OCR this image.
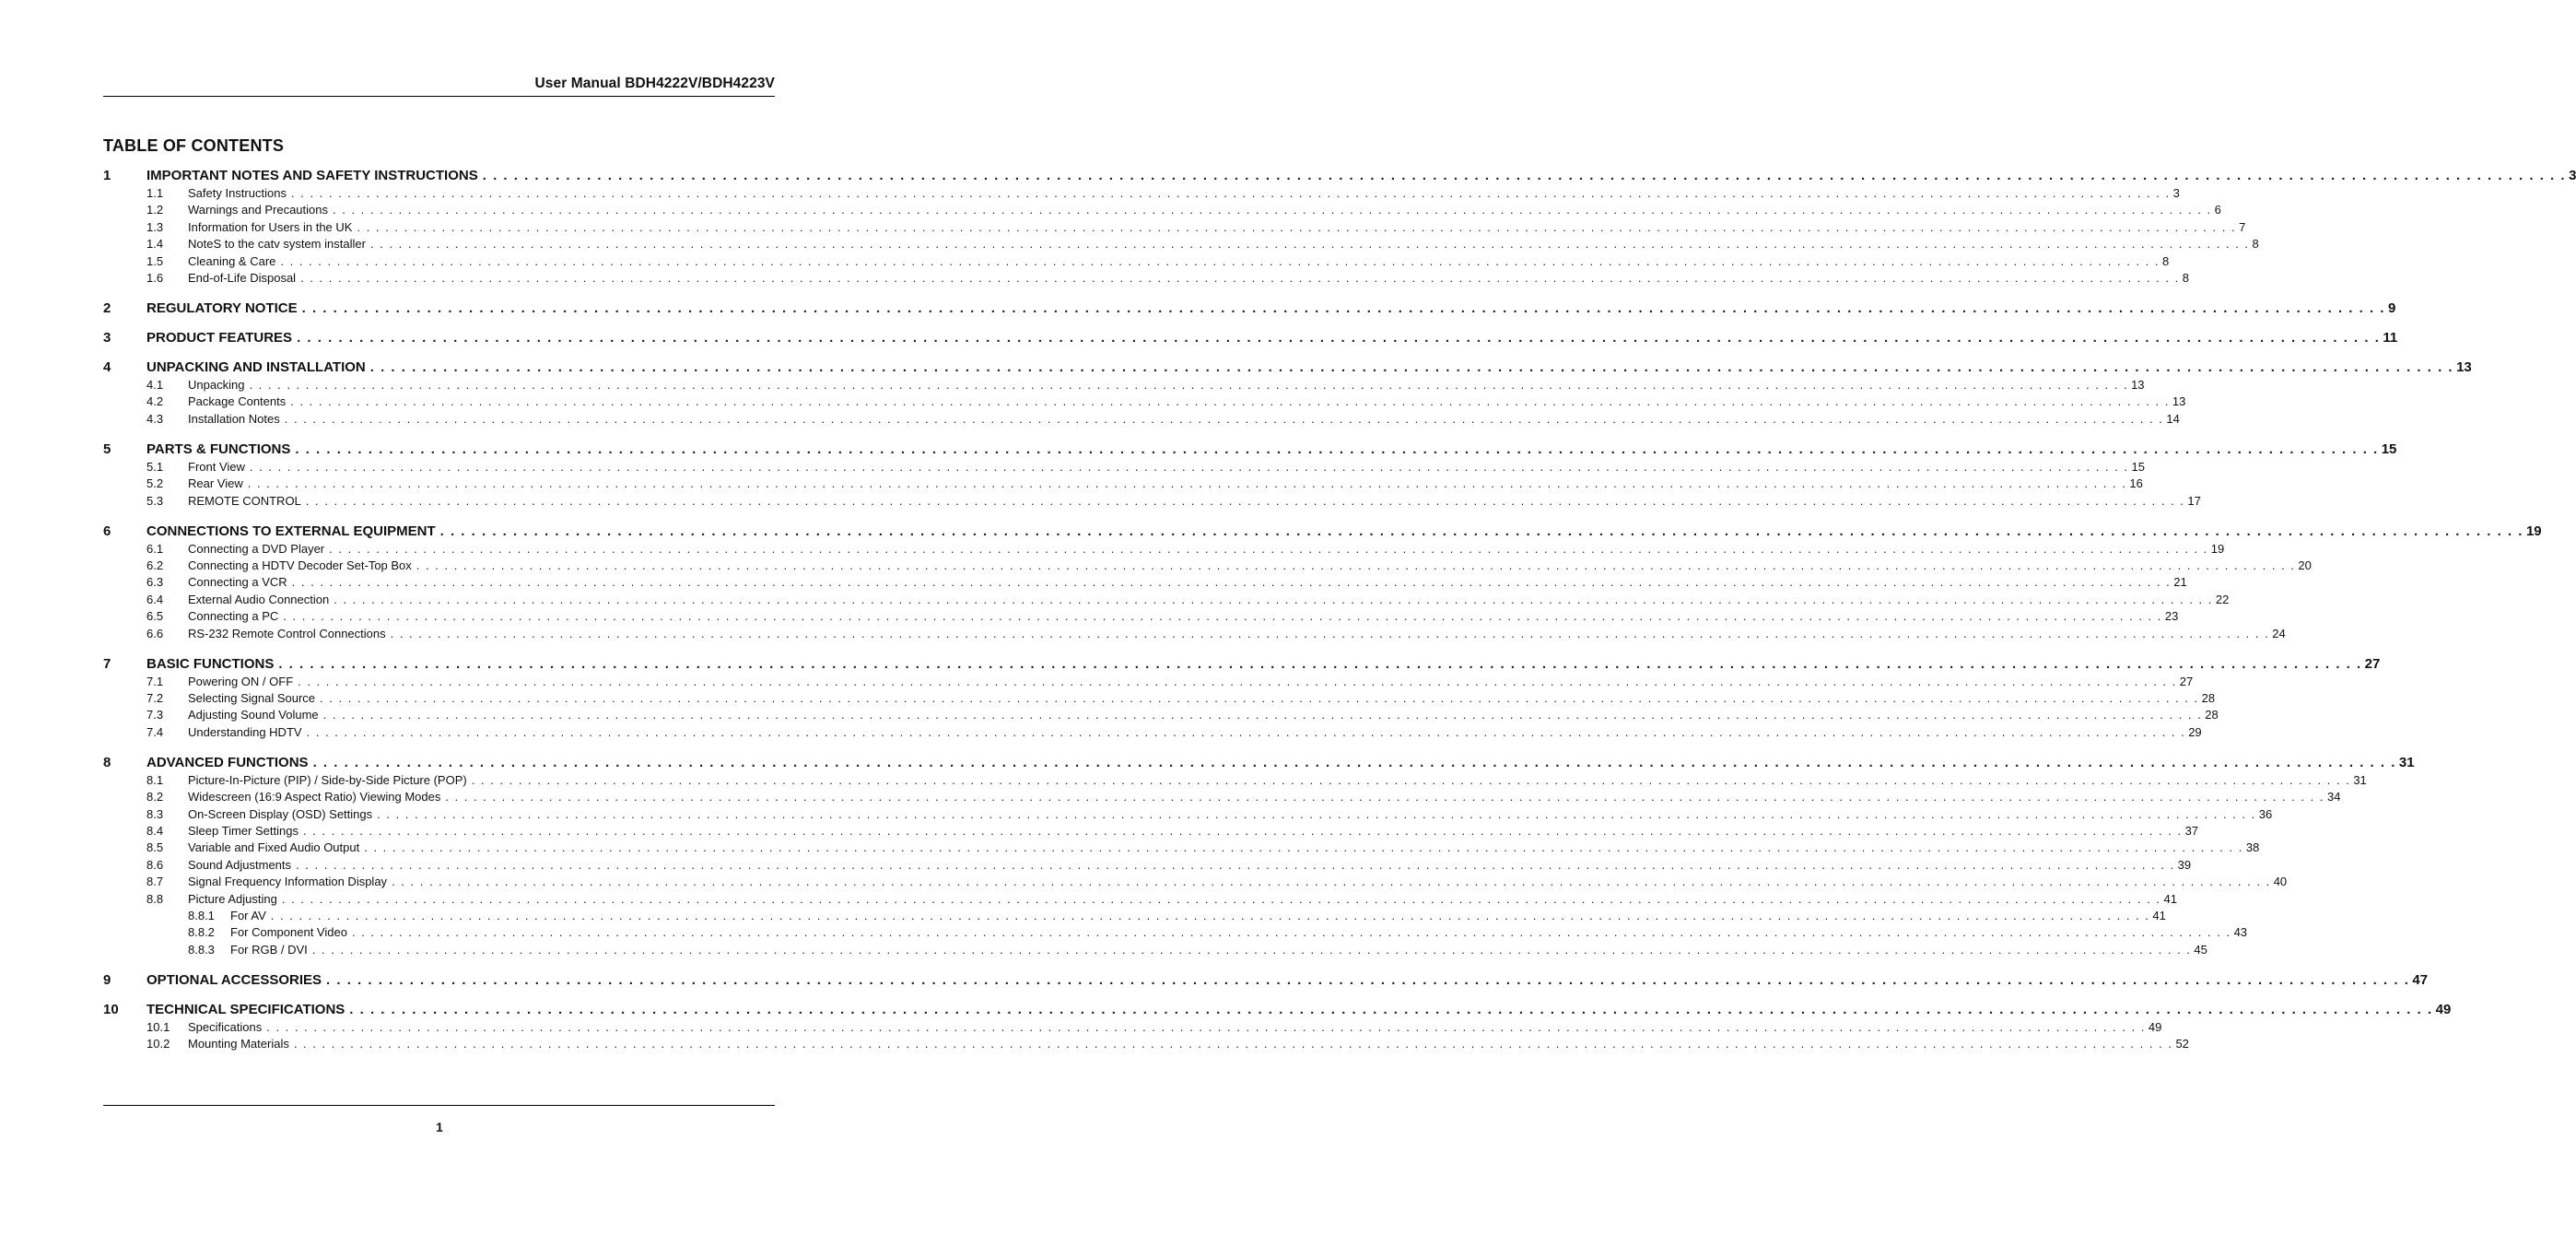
User Manual BDH4222V/BDH4223V
TABLE OF CONTENTS
1	IMPORTANT NOTES AND SAFETY INSTRUCTIONS . . . . . . . . . . . . . . . . . . . . . . . . . . . . . . . . . . . . . . . . . . . . . . . . . . . . . . . . . . . . . . . . . . . . . . . . . . . . . . . . . . . . . . . . . . . . . . . . . . . . . . . . . . . . . . . . . . . . . . . . . . . . . . . . . . . . . . . . . . . . . . . . . . . . . . . . . . . . . . . . . . . . . . . . . . . . . . . . . . . . . . . . . . . . . . . . . . . . . . . . 3
1.1	Safety Instructions . . . . . . . . . . . . . . . . . . . . . . . . . . . . . . . . . . . . . . . . . . . . . . . . . . . . . . . . . . . . . . . . . . . . . . . . . . . . . . . . . . . . . . . . . . . . . . . . . . . . . . . . . . . . . . . . . . . . . . . . . . . . . . . . . . . . . . . . . . . . . . . . . . . . . . . . . . . . . . . . . . . . . . . . . . . . . . . . . . . . . . . . . . . . . . . . . . . . . . . . 3
1.2	Warnings and Precautions . . . . . . . . . . . . . . . . . . . . . . . . . . . . . . . . . . . . . . . . . . . . . . . . . . . . . . . . . . . . . . . . . . . . . . . . . . . . . . . . . . . . . . . . . . . . . . . . . . . . . . . . . . . . . . . . . . . . . . . . . . . . . . . . . . . . . . . . . . . . . . . . . . . . . . . . . . . . . . . . . . . . . . . . . . . . . . . . . . . . . . . . . . . . . . . . . . . . . . . . 6
1.3	Information for Users in the UK . . . . . . . . . . . . . . . . . . . . . . . . . . . . . . . . . . . . . . . . . . . . . . . . . . . . . . . . . . . . . . . . . . . . . . . . . . . . . . . . . . . . . . . . . . . . . . . . . . . . . . . . . . . . . . . . . . . . . . . . . . . . . . . . . . . . . . . . . . . . . . . . . . . . . . . . . . . . . . . . . . . . . . . . . . . . . . . . . . . . . . . . . . . . . . . . . . . . . . . . 7
1.4	NoteS to the catv system installer . . . . . . . . . . . . . . . . . . . . . . . . . . . . . . . . . . . . . . . . . . . . . . . . . . . . . . . . . . . . . . . . . . . . . . . . . . . . . . . . . . . . . . . . . . . . . . . . . . . . . . . . . . . . . . . . . . . . . . . . . . . . . . . . . . . . . . . . . . . . . . . . . . . . . . . . . . . . . . . . . . . . . . . . . . . . . . . . . . . . . . . . . . . . . . . . . . . . . . . . 8
1.5	Cleaning & Care . . . . . . . . . . . . . . . . . . . . . . . . . . . . . . . . . . . . . . . . . . . . . . . . . . . . . . . . . . . . . . . . . . . . . . . . . . . . . . . . . . . . . . . . . . . . . . . . . . . . . . . . . . . . . . . . . . . . . . . . . . . . . . . . . . . . . . . . . . . . . . . . . . . . . . . . . . . . . . . . . . . . . . . . . . . . . . . . . . . . . . . . . . . . . . . . . . . . . . . . 8
1.6	End-of-Life Disposal . . . . . . . . . . . . . . . . . . . . . . . . . . . . . . . . . . . . . . . . . . . . . . . . . . . . . . . . . . . . . . . . . . . . . . . . . . . . . . . . . . . . . . . . . . . . . . . . . . . . . . . . . . . . . . . . . . . . . . . . . . . . . . . . . . . . . . . . . . . . . . . . . . . . . . . . . . . . . . . . . . . . . . . . . . . . . . . . . . . . . . . . . . . . . . . . . . . . . . . . 8
2	REGULATORY NOTICE . . . . . . . . . . . . . . . . . . . . . . . . . . . . . . . . . . . . . . . . . . . . . . . . . . . . . . . . . . . . . . . . . . . . . . . . . . . . . . . . . . . . . . . . . . . . . . . . . . . . . . . . . . . . . . . . . . . . . . . . . . . . . . . . . . . . . . . . . . . . . . . . . . . . . . . . . . . . . . . . . . . . . . . . . . . . . . . . . . . . . . . . . . . . . . . . . . . . . . . . 9
3	PRODUCT FEATURES . . . . . . . . . . . . . . . . . . . . . . . . . . . . . . . . . . . . . . . . . . . . . . . . . . . . . . . . . . . . . . . . . . . . . . . . . . . . . . . . . . . . . . . . . . . . . . . . . . . . . . . . . . . . . . . . . . . . . . . . . . . . . . . . . . . . . . . . . . . . . . . . . . . . . . . . . . . . . . . . . . . . . . . . . . . . . . . . . . . . . . . . . . . . . . . . . . . . . . . . 11
4	UNPACKING AND INSTALLATION . . . . . . . . . . . . . . . . . . . . . . . . . . . . . . . . . . . . . . . . . . . . . . . . . . . . . . . . . . . . . . . . . . . . . . . . . . . . . . . . . . . . . . . . . . . . . . . . . . . . . . . . . . . . . . . . . . . . . . . . . . . . . . . . . . . . . . . . . . . . . . . . . . . . . . . . . . . . . . . . . . . . . . . . . . . . . . . . . . . . . . . . . . . . . . . . . . . . . . . . 13
4.1	Unpacking . . . . . . . . . . . . . . . . . . . . . . . . . . . . . . . . . . . . . . . . . . . . . . . . . . . . . . . . . . . . . . . . . . . . . . . . . . . . . . . . . . . . . . . . . . . . . . . . . . . . . . . . . . . . . . . . . . . . . . . . . . . . . . . . . . . . . . . . . . . . . . . . . . . . . . . . . . . . . . . . . . . . . . . . . . . . . . . . . . . . . . . . . . . . . . . . . . . . . . . . 13
4.2	Package Contents . . . . . . . . . . . . . . . . . . . . . . . . . . . . . . . . . . . . . . . . . . . . . . . . . . . . . . . . . . . . . . . . . . . . . . . . . . . . . . . . . . . . . . . . . . . . . . . . . . . . . . . . . . . . . . . . . . . . . . . . . . . . . . . . . . . . . . . . . . . . . . . . . . . . . . . . . . . . . . . . . . . . . . . . . . . . . . . . . . . . . . . . . . . . . . . . . . . . . . . . 13
4.3	Installation Notes . . . . . . . . . . . . . . . . . . . . . . . . . . . . . . . . . . . . . . . . . . . . . . . . . . . . . . . . . . . . . . . . . . . . . . . . . . . . . . . . . . . . . . . . . . . . . . . . . . . . . . . . . . . . . . . . . . . . . . . . . . . . . . . . . . . . . . . . . . . . . . . . . . . . . . . . . . . . . . . . . . . . . . . . . . . . . . . . . . . . . . . . . . . . . . . . . . . . . . . . 14
5	PARTS & FUNCTIONS . . . . . . . . . . . . . . . . . . . . . . . . . . . . . . . . . . . . . . . . . . . . . . . . . . . . . . . . . . . . . . . . . . . . . . . . . . . . . . . . . . . . . . . . . . . . . . . . . . . . . . . . . . . . . . . . . . . . . . . . . . . . . . . . . . . . . . . . . . . . . . . . . . . . . . . . . . . . . . . . . . . . . . . . . . . . . . . . . . . . . . . . . . . . . . . . . . . . . . . . 15
5.1	Front View . . . . . . . . . . . . . . . . . . . . . . . . . . . . . . . . . . . . . . . . . . . . . . . . . . . . . . . . . . . . . . . . . . . . . . . . . . . . . . . . . . . . . . . . . . . . . . . . . . . . . . . . . . . . . . . . . . . . . . . . . . . . . . . . . . . . . . . . . . . . . . . . . . . . . . . . . . . . . . . . . . . . . . . . . . . . . . . . . . . . . . . . . . . . . . . . . . . . . . . . 15
5.2	Rear View . . . . . . . . . . . . . . . . . . . . . . . . . . . . . . . . . . . . . . . . . . . . . . . . . . . . . . . . . . . . . . . . . . . . . . . . . . . . . . . . . . . . . . . . . . . . . . . . . . . . . . . . . . . . . . . . . . . . . . . . . . . . . . . . . . . . . . . . . . . . . . . . . . . . . . . . . . . . . . . . . . . . . . . . . . . . . . . . . . . . . . . . . . . . . . . . . . . . . . . . 16
5.3	REMOTE CONTROL . . . . . . . . . . . . . . . . . . . . . . . . . . . . . . . . . . . . . . . . . . . . . . . . . . . . . . . . . . . . . . . . . . . . . . . . . . . . . . . . . . . . . . . . . . . . . . . . . . . . . . . . . . . . . . . . . . . . . . . . . . . . . . . . . . . . . . . . . . . . . . . . . . . . . . . . . . . . . . . . . . . . . . . . . . . . . . . . . . . . . . . . . . . . . . . . . . . . . . . . 17
6	CONNECTIONS TO EXTERNAL EQUIPMENT . . . . . . . . . . . . . . . . . . . . . . . . . . . . . . . . . . . . . . . . . . . . . . . . . . . . . . . . . . . . . . . . . . . . . . . . . . . . . . . . . . . . . . . . . . . . . . . . . . . . . . . . . . . . . . . . . . . . . . . . . . . . . . . . . . . . . . . . . . . . . . . . . . . . . . . . . . . . . . . . . . . . . . . . . . . . . . . . . . . . . . . . . . . . . . . . . . . . . . . . 19
6.1	Connecting a DVD Player . . . . . . . . . . . . . . . . . . . . . . . . . . . . . . . . . . . . . . . . . . . . . . . . . . . . . . . . . . . . . . . . . . . . . . . . . . . . . . . . . . . . . . . . . . . . . . . . . . . . . . . . . . . . . . . . . . . . . . . . . . . . . . . . . . . . . . . . . . . . . . . . . . . . . . . . . . . . . . . . . . . . . . . . . . . . . . . . . . . . . . . . . . . . . . . . . . . . . . . . 19
6.2	Connecting a HDTV Decoder Set-Top Box . . . . . . . . . . . . . . . . . . . . . . . . . . . . . . . . . . . . . . . . . . . . . . . . . . . . . . . . . . . . . . . . . . . . . . . . . . . . . . . . . . . . . . . . . . . . . . . . . . . . . . . . . . . . . . . . . . . . . . . . . . . . . . . . . . . . . . . . . . . . . . . . . . . . . . . . . . . . . . . . . . . . . . . . . . . . . . . . . . . . . . . . . . . . . . . . . . . . . . . . 20
6.3	Connecting a VCR . . . . . . . . . . . . . . . . . . . . . . . . . . . . . . . . . . . . . . . . . . . . . . . . . . . . . . . . . . . . . . . . . . . . . . . . . . . . . . . . . . . . . . . . . . . . . . . . . . . . . . . . . . . . . . . . . . . . . . . . . . . . . . . . . . . . . . . . . . . . . . . . . . . . . . . . . . . . . . . . . . . . . . . . . . . . . . . . . . . . . . . . . . . . . . . . . . . . . . . . 21
6.4	External Audio Connection . . . . . . . . . . . . . . . . . . . . . . . . . . . . . . . . . . . . . . . . . . . . . . . . . . . . . . . . . . . . . . . . . . . . . . . . . . . . . . . . . . . . . . . . . . . . . . . . . . . . . . . . . . . . . . . . . . . . . . . . . . . . . . . . . . . . . . . . . . . . . . . . . . . . . . . . . . . . . . . . . . . . . . . . . . . . . . . . . . . . . . . . . . . . . . . . . . . . . . . . 22
6.5	Connecting a PC . . . . . . . . . . . . . . . . . . . . . . . . . . . . . . . . . . . . . . . . . . . . . . . . . . . . . . . . . . . . . . . . . . . . . . . . . . . . . . . . . . . . . . . . . . . . . . . . . . . . . . . . . . . . . . . . . . . . . . . . . . . . . . . . . . . . . . . . . . . . . . . . . . . . . . . . . . . . . . . . . . . . . . . . . . . . . . . . . . . . . . . . . . . . . . . . . . . . . . . . 23
6.6	RS-232 Remote Control Connections . . . . . . . . . . . . . . . . . . . . . . . . . . . . . . . . . . . . . . . . . . . . . . . . . . . . . . . . . . . . . . . . . . . . . . . . . . . . . . . . . . . . . . . . . . . . . . . . . . . . . . . . . . . . . . . . . . . . . . . . . . . . . . . . . . . . . . . . . . . . . . . . . . . . . . . . . . . . . . . . . . . . . . . . . . . . . . . . . . . . . . . . . . . . . . . . . . . . . . . . 24
7	BASIC FUNCTIONS . . . . . . . . . . . . . . . . . . . . . . . . . . . . . . . . . . . . . . . . . . . . . . . . . . . . . . . . . . . . . . . . . . . . . . . . . . . . . . . . . . . . . . . . . . . . . . . . . . . . . . . . . . . . . . . . . . . . . . . . . . . . . . . . . . . . . . . . . . . . . . . . . . . . . . . . . . . . . . . . . . . . . . . . . . . . . . . . . . . . . . . . . . . . . . . . . . . . . . . . 27
7.1	Powering ON / OFF . . . . . . . . . . . . . . . . . . . . . . . . . . . . . . . . . . . . . . . . . . . . . . . . . . . . . . . . . . . . . . . . . . . . . . . . . . . . . . . . . . . . . . . . . . . . . . . . . . . . . . . . . . . . . . . . . . . . . . . . . . . . . . . . . . . . . . . . . . . . . . . . . . . . . . . . . . . . . . . . . . . . . . . . . . . . . . . . . . . . . . . . . . . . . . . . . . . . . . . . 27
7.2	Selecting Signal Source . . . . . . . . . . . . . . . . . . . . . . . . . . . . . . . . . . . . . . . . . . . . . . . . . . . . . . . . . . . . . . . . . . . . . . . . . . . . . . . . . . . . . . . . . . . . . . . . . . . . . . . . . . . . . . . . . . . . . . . . . . . . . . . . . . . . . . . . . . . . . . . . . . . . . . . . . . . . . . . . . . . . . . . . . . . . . . . . . . . . . . . . . . . . . . . . . . . . . . . . 28
7.3	Adjusting Sound Volume . . . . . . . . . . . . . . . . . . . . . . . . . . . . . . . . . . . . . . . . . . . . . . . . . . . . . . . . . . . . . . . . . . . . . . . . . . . . . . . . . . . . . . . . . . . . . . . . . . . . . . . . . . . . . . . . . . . . . . . . . . . . . . . . . . . . . . . . . . . . . . . . . . . . . . . . . . . . . . . . . . . . . . . . . . . . . . . . . . . . . . . . . . . . . . . . . . . . . . . . 28
7.4	Understanding HDTV . . . . . . . . . . . . . . . . . . . . . . . . . . . . . . . . . . . . . . . . . . . . . . . . . . . . . . . . . . . . . . . . . . . . . . . . . . . . . . . . . . . . . . . . . . . . . . . . . . . . . . . . . . . . . . . . . . . . . . . . . . . . . . . . . . . . . . . . . . . . . . . . . . . . . . . . . . . . . . . . . . . . . . . . . . . . . . . . . . . . . . . . . . . . . . . . . . . . . . . . 29
8	ADVANCED FUNCTIONS . . . . . . . . . . . . . . . . . . . . . . . . . . . . . . . . . . . . . . . . . . . . . . . . . . . . . . . . . . . . . . . . . . . . . . . . . . . . . . . . . . . . . . . . . . . . . . . . . . . . . . . . . . . . . . . . . . . . . . . . . . . . . . . . . . . . . . . . . . . . . . . . . . . . . . . . . . . . . . . . . . . . . . . . . . . . . . . . . . . . . . . . . . . . . . . . . . . . . . . . 31
8.1	Picture-In-Picture (PIP) / Side-by-Side Picture (POP) . . . . . . . . . . . . . . . . . . . . . . . . . . . . . . . . . . . . . . . . . . . . . . . . . . . . . . . . . . . . . . . . . . . . . . . . . . . . . . . . . . . . . . . . . . . . . . . . . . . . . . . . . . . . . . . . . . . . . . . . . . . . . . . . . . . . . . . . . . . . . . . . . . . . . . . . . . . . . . . . . . . . . . . . . . . . . . . . . . . . . . . . . . . . . . . . . . . . . . . . 31
8.2	Widescreen (16:9 Aspect Ratio) Viewing Modes . . . . . . . . . . . . . . . . . . . . . . . . . . . . . . . . . . . . . . . . . . . . . . . . . . . . . . . . . . . . . . . . . . . . . . . . . . . . . . . . . . . . . . . . . . . . . . . . . . . . . . . . . . . . . . . . . . . . . . . . . . . . . . . . . . . . . . . . . . . . . . . . . . . . . . . . . . . . . . . . . . . . . . . . . . . . . . . . . . . . . . . . . . . . . . . . . . . . . . . . 34
8.3	On-Screen Display (OSD) Settings . . . . . . . . . . . . . . . . . . . . . . . . . . . . . . . . . . . . . . . . . . . . . . . . . . . . . . . . . . . . . . . . . . . . . . . . . . . . . . . . . . . . . . . . . . . . . . . . . . . . . . . . . . . . . . . . . . . . . . . . . . . . . . . . . . . . . . . . . . . . . . . . . . . . . . . . . . . . . . . . . . . . . . . . . . . . . . . . . . . . . . . . . . . . . . . . . . . . . . . . 36
8.4	Sleep Timer Settings . . . . . . . . . . . . . . . . . . . . . . . . . . . . . . . . . . . . . . . . . . . . . . . . . . . . . . . . . . . . . . . . . . . . . . . . . . . . . . . . . . . . . . . . . . . . . . . . . . . . . . . . . . . . . . . . . . . . . . . . . . . . . . . . . . . . . . . . . . . . . . . . . . . . . . . . . . . . . . . . . . . . . . . . . . . . . . . . . . . . . . . . . . . . . . . . . . . . . . . . 37
8.5	Variable and Fixed Audio Output . . . . . . . . . . . . . . . . . . . . . . . . . . . . . . . . . . . . . . . . . . . . . . . . . . . . . . . . . . . . . . . . . . . . . . . . . . . . . . . . . . . . . . . . . . . . . . . . . . . . . . . . . . . . . . . . . . . . . . . . . . . . . . . . . . . . . . . . . . . . . . . . . . . . . . . . . . . . . . . . . . . . . . . . . . . . . . . . . . . . . . . . . . . . . . . . . . . . . . . . 38
8.6	Sound Adjustments . . . . . . . . . . . . . . . . . . . . . . . . . . . . . . . . . . . . . . . . . . . . . . . . . . . . . . . . . . . . . . . . . . . . . . . . . . . . . . . . . . . . . . . . . . . . . . . . . . . . . . . . . . . . . . . . . . . . . . . . . . . . . . . . . . . . . . . . . . . . . . . . . . . . . . . . . . . . . . . . . . . . . . . . . . . . . . . . . . . . . . . . . . . . . . . . . . . . . . . . 39
8.7	Signal Frequency Information Display . . . . . . . . . . . . . . . . . . . . . . . . . . . . . . . . . . . . . . . . . . . . . . . . . . . . . . . . . . . . . . . . . . . . . . . . . . . . . . . . . . . . . . . . . . . . . . . . . . . . . . . . . . . . . . . . . . . . . . . . . . . . . . . . . . . . . . . . . . . . . . . . . . . . . . . . . . . . . . . . . . . . . . . . . . . . . . . . . . . . . . . . . . . . . . . . . . . . . . . . 40
8.8	Picture Adjusting . . . . . . . . . . . . . . . . . . . . . . . . . . . . . . . . . . . . . . . . . . . . . . . . . . . . . . . . . . . . . . . . . . . . . . . . . . . . . . . . . . . . . . . . . . . . . . . . . . . . . . . . . . . . . . . . . . . . . . . . . . . . . . . . . . . . . . . . . . . . . . . . . . . . . . . . . . . . . . . . . . . . . . . . . . . . . . . . . . . . . . . . . . . . . . . . . . . . . . . . 41
8.8.1	For AV . . . . . . . . . . . . . . . . . . . . . . . . . . . . . . . . . . . . . . . . . . . . . . . . . . . . . . . . . . . . . . . . . . . . . . . . . . . . . . . . . . . . . . . . . . . . . . . . . . . . . . . . . . . . . . . . . . . . . . . . . . . . . . . . . . . . . . . . . . . . . . . . . . . . . . . . . . . . . . . . . . . . . . . . . . . . . . . . . . . . . . . . . . . . . . . . . . . . . . . . 41
8.8.2	For Component Video . . . . . . . . . . . . . . . . . . . . . . . . . . . . . . . . . . . . . . . . . . . . . . . . . . . . . . . . . . . . . . . . . . . . . . . . . . . . . . . . . . . . . . . . . . . . . . . . . . . . . . . . . . . . . . . . . . . . . . . . . . . . . . . . . . . . . . . . . . . . . . . . . . . . . . . . . . . . . . . . . . . . . . . . . . . . . . . . . . . . . . . . . . . . . . . . . . . . . . . . 43
8.8.3	For RGB / DVI . . . . . . . . . . . . . . . . . . . . . . . . . . . . . . . . . . . . . . . . . . . . . . . . . . . . . . . . . . . . . . . . . . . . . . . . . . . . . . . . . . . . . . . . . . . . . . . . . . . . . . . . . . . . . . . . . . . . . . . . . . . . . . . . . . . . . . . . . . . . . . . . . . . . . . . . . . . . . . . . . . . . . . . . . . . . . . . . . . . . . . . . . . . . . . . . . . . . . . . . 45
9	OPTIONAL ACCESSORIES . . . . . . . . . . . . . . . . . . . . . . . . . . . . . . . . . . . . . . . . . . . . . . . . . . . . . . . . . . . . . . . . . . . . . . . . . . . . . . . . . . . . . . . . . . . . . . . . . . . . . . . . . . . . . . . . . . . . . . . . . . . . . . . . . . . . . . . . . . . . . . . . . . . . . . . . . . . . . . . . . . . . . . . . . . . . . . . . . . . . . . . . . . . . . . . . . . . . . . . . 47
10	TECHNICAL SPECIFICATIONS . . . . . . . . . . . . . . . . . . . . . . . . . . . . . . . . . . . . . . . . . . . . . . . . . . . . . . . . . . . . . . . . . . . . . . . . . . . . . . . . . . . . . . . . . . . . . . . . . . . . . . . . . . . . . . . . . . . . . . . . . . . . . . . . . . . . . . . . . . . . . . . . . . . . . . . . . . . . . . . . . . . . . . . . . . . . . . . . . . . . . . . . . . . . . . . . . . . . . . . . 49
10.1	Specifications . . . . . . . . . . . . . . . . . . . . . . . . . . . . . . . . . . . . . . . . . . . . . . . . . . . . . . . . . . . . . . . . . . . . . . . . . . . . . . . . . . . . . . . . . . . . . . . . . . . . . . . . . . . . . . . . . . . . . . . . . . . . . . . . . . . . . . . . . . . . . . . . . . . . . . . . . . . . . . . . . . . . . . . . . . . . . . . . . . . . . . . . . . . . . . . . . . . . . . . . 49
10.2	Mounting Materials . . . . . . . . . . . . . . . . . . . . . . . . . . . . . . . . . . . . . . . . . . . . . . . . . . . . . . . . . . . . . . . . . . . . . . . . . . . . . . . . . . . . . . . . . . . . . . . . . . . . . . . . . . . . . . . . . . . . . . . . . . . . . . . . . . . . . . . . . . . . . . . . . . . . . . . . . . . . . . . . . . . . . . . . . . . . . . . . . . . . . . . . . . . . . . . . . . . . . . . . 52
1
